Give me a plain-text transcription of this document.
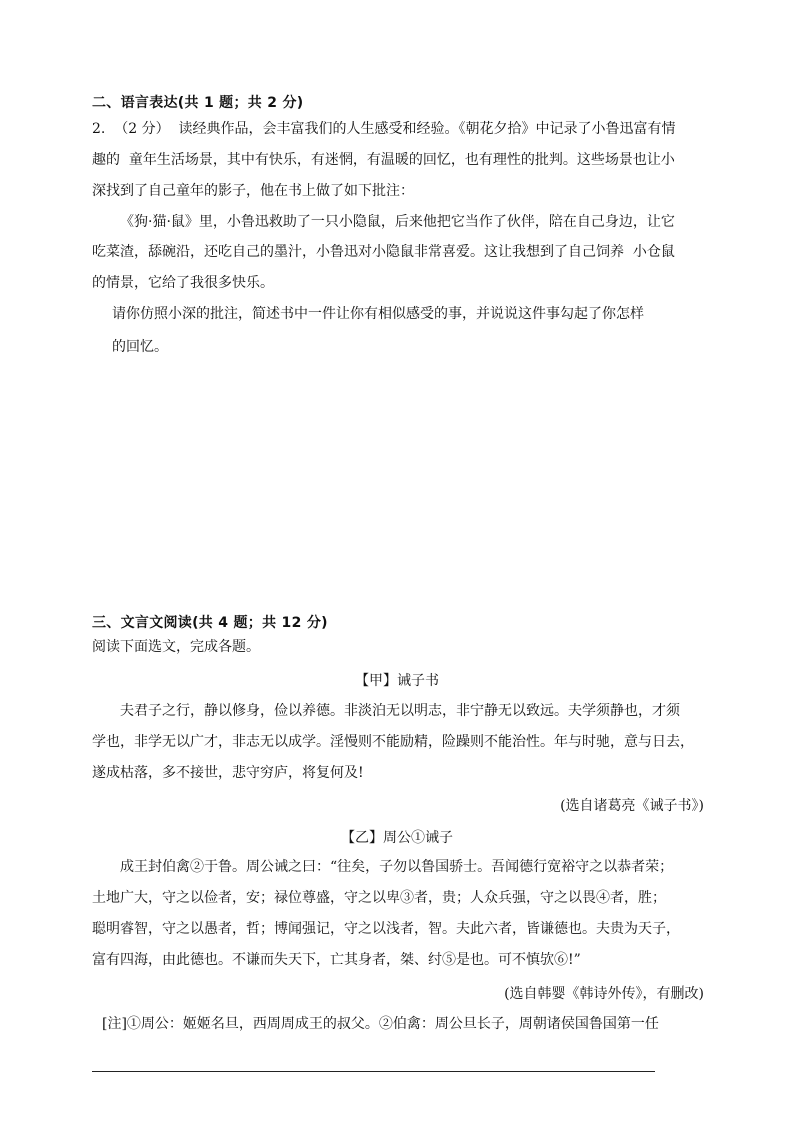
二、语言表达(共 1 题；共 2 分)
2.  （2 分）  读经典作品，会丰富我们的人生感受和经验。《朝花夕拾》中记录了小鲁迅富有情
趣的  童年生活场景，其中有快乐，有迷惘，有温暖的回忆，也有理性的批判。这些场景也让小
深找到了自己童年的影子，他在书上做了如下批注：
《狗·猫·鼠》里，小鲁迅救助了一只小隐鼠，后来他把它当作了伙伴，陪在自己身边，让它
吃菜渣，舔碗沿，还吃自己的墨汁，小鲁迅对小隐鼠非常喜爱。这让我想到了自己饲养  小仓鼠
的情景，它给了我很多快乐。
请你仿照小深的批注，简述书中一件让你有相似感受的事，并说说这件事勾起了你怎样
的回忆。
三、文言文阅读(共 4 题；共 12 分)
阅读下面选文，完成各题。
【甲】诫子书
夫君子之行，静以修身，俭以养德。非淡泊无以明志，非宁静无以致远。夫学须静也，才须
学也，非学无以广才，非志无以成学。淫慢则不能励精，险躁则不能治性。年与时驰，意与日去，
遂成枯落，多不接世，悲守穷庐，将复何及!
(选自诸葛亮《诫子书》)
【乙】周公①诫子
成王封伯禽②于鲁。周公诫之曰：“往矣，子勿以鲁国骄士。吾闻德行宽裕守之以恭者荣；
土地广大，守之以俭者，安；禄位尊盛，守之以卑③者，贵；人众兵强，守之以畏④者，胜；
聪明睿智，守之以愚者，哲；博闻强记，守之以浅者，智。夫此六者，皆谦德也。夫贵为天子，
富有四海，由此德也。不谦而失天下，亡其身者，桀、纣⑤是也。可不慎欤⑥!”
(选自韩婴《韩诗外传》，有删改)
[注]①周公：姬姬名旦，西周周成王的叔父。②伯禽：周公旦长子，周朝诸侯国鲁国第一任
